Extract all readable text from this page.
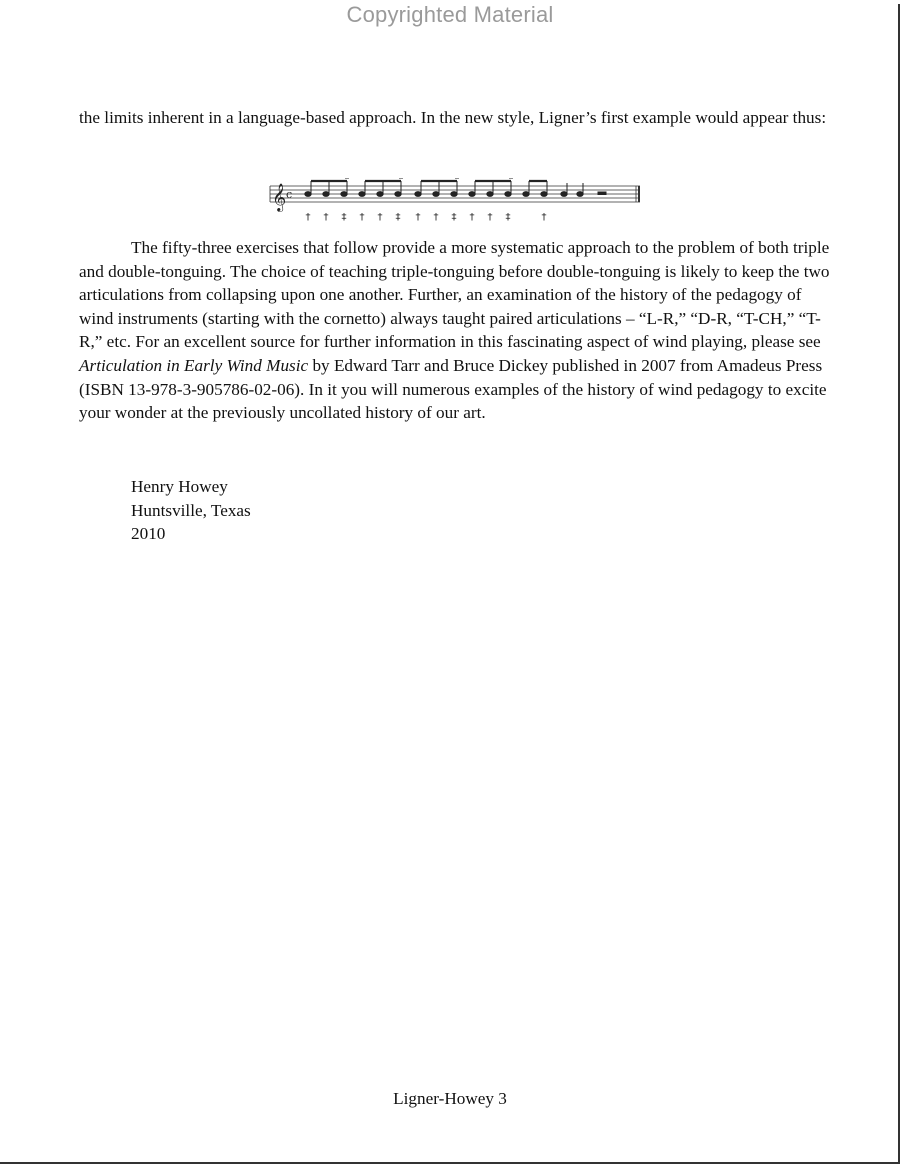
Copyrighted Material

the limits inherent in a language-based approach. In the new style, Ligner’s first example would appear thus:

𝄞 c
† † ‡ † † ‡ † † ‡ † † ‡	†

The fifty-three exercises that follow provide a more systematic approach to the problem of both triple and double-tonguing. The choice of teaching triple-tonguing before double-tonguing is likely to keep the two articulations from collapsing upon one another. Further, an examination of the history of the pedagogy of wind instruments (starting with the cornetto) always taught paired articulations – “L-R,” “D-R, “T-CH,” “T-R,” etc. For an excellent source for further information in this fascinating aspect of wind playing, please see Articulation in Early Wind Music by Edward Tarr and Bruce Dickey published in 2007 from Amadeus Press (ISBN 13-978-3-905786-02-06). In it you will numerous examples of the history of wind pedagogy to excite your wonder at the previously uncollated history of our art.

Henry Howey
Huntsville, Texas
2010
Ligner-Howey 3
